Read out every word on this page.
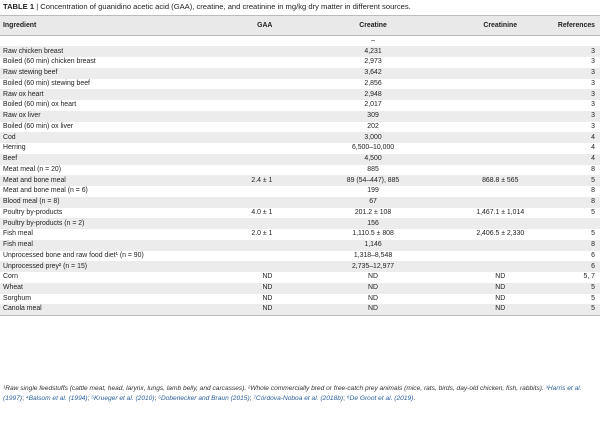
TABLE 1 | Concentration of guanidino acetic acid (GAA), creatine, and creatinine in mg/kg dry matter in different sources.
Ingredient	GAA	Creatine	Creatinine	References
		–		
Raw chicken breast		4,231		3
Boiled (60 min) chicken breast		2,973		3
Raw stewing beef		3,642		3
Boiled (60 min) stewing beef		2,856		3
Raw ox heart		2,948		3
Boiled (60 min) ox heart		2,017		3
Raw ox liver		309		3
Boiled (60 min) ox liver		202		3
Cod		3,000		4
Herring		6,500–10,000		4
Beef		4,500		4
Meat meal (n = 20)		885		8
Meat and bone meal	2.4 ± 1	89 (54–447), 885	868.8 ± 565	5
Meat and bone meal (n = 6)		199		8
Blood meal (n = 8)		67		8
Poultry by-products	4.0 ± 1	201.2 ± 108	1,467.1 ± 1,014	5
Poultry by-products (n = 2)		156		
Fish meal	2.0 ± 1	1,110.5 ± 808	2,406.5 ± 2,330	5
Fish meal		1,146		8
Unprocessed bone and raw food diet¹ (n = 90)		1,318–8,548		6
Unprocessed prey² (n = 15)		2,735–12,977		6
Corn	ND	ND	ND	5, 7
Wheat	ND	ND	ND	5
Sorghum	ND	ND	ND	5
Canola meal	ND	ND	ND	5
¹Raw single feedstuffs (cattle meat, head, larynx, lungs, lamb belly, and carcasses). ²Whole commercially bred or free-catch prey animals (mice, rats, birds, day-old chicken, fish, rabbits). ³Harris et al. (1997); ⁴Balsom et al. (1994); ⁵Krueger et al. (2010); ⁶Dobenecker and Braun (2015); ⁷Córdova-Noboa et al. (2018b); ⁸De Groot et al. (2019).
